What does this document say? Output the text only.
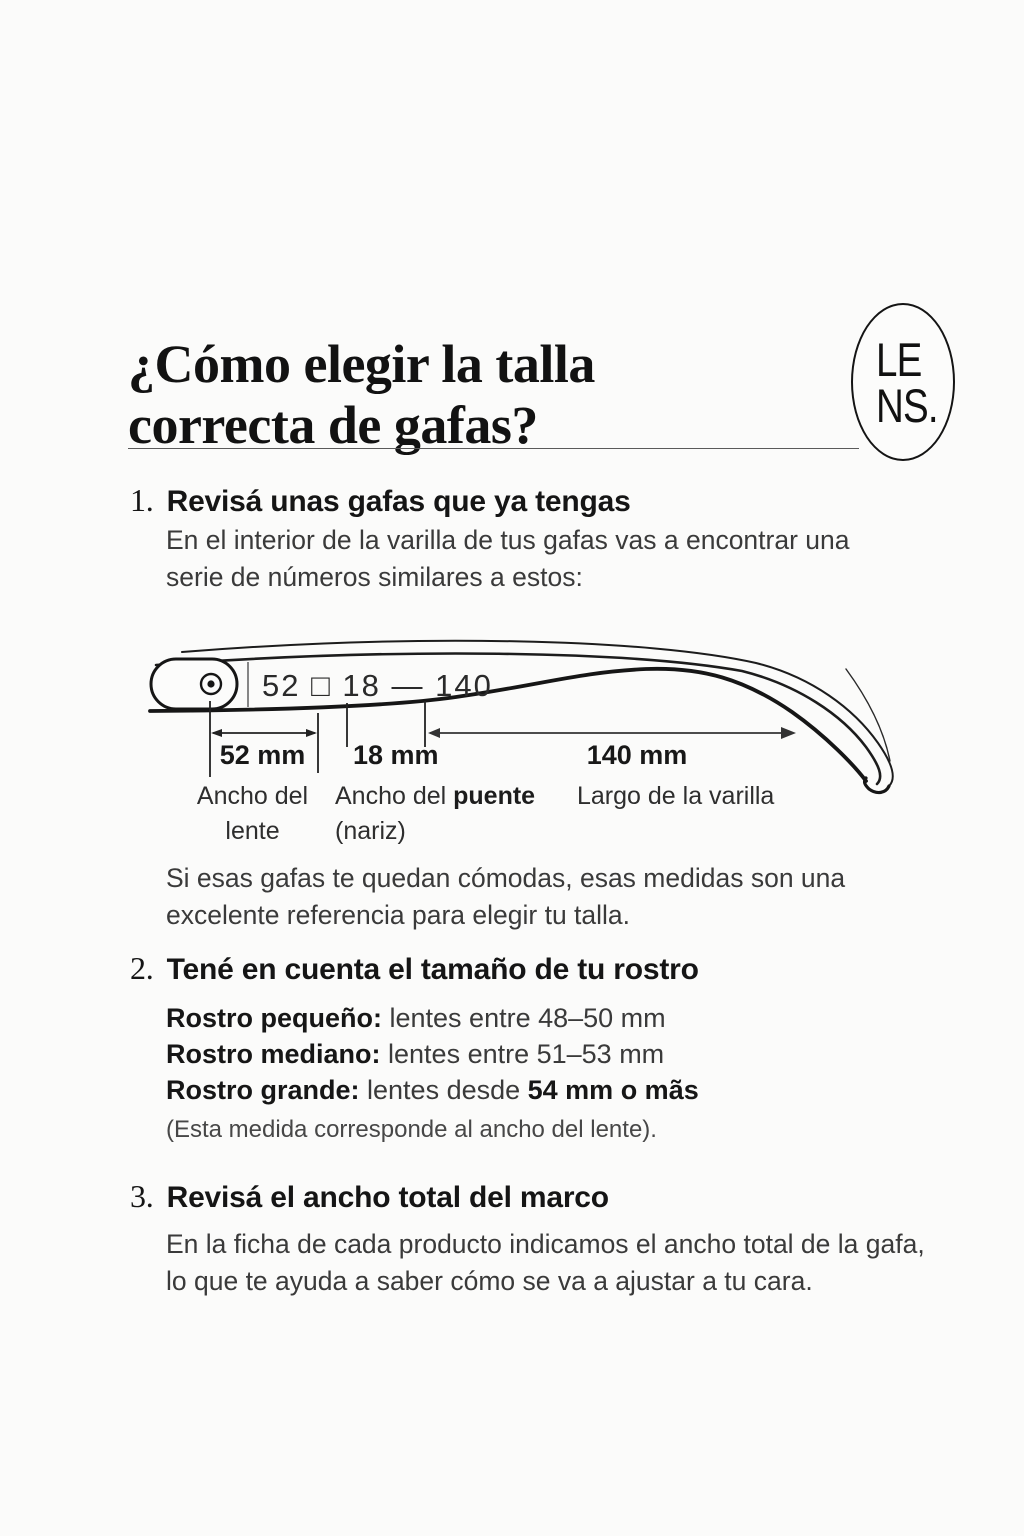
¿Cómo elegir la talla correcta de gafas?
LE
NS.
1. Revisá unas gafas que ya tengas

En el interior de la varilla de tus gafas vas a encontrar una serie de números similares a estos:

52 □ 18 — 140
52 mm	18 mm	140 mm
Ancho del lente
Ancho del puente
(nariz)
Largo de la varilla

Si esas gafas te quedan cómodas, esas medidas son una excelente referencia para elegir tu talla.

2. Tené en cuenta el tamaño de tu rostro
Rostro pequeño: lentes entre 48–50 mm
Rostro mediano: lentes entre 51–53 mm
Rostro grande: lentes desde 54 mm o mãs
(Esta medida corresponde al ancho del lente).
3. Revisá el ancho total del marco

En la ficha de cada producto indicamos el ancho total de la gafa, lo que te ayuda a saber cómo se va a ajustar a tu cara.
